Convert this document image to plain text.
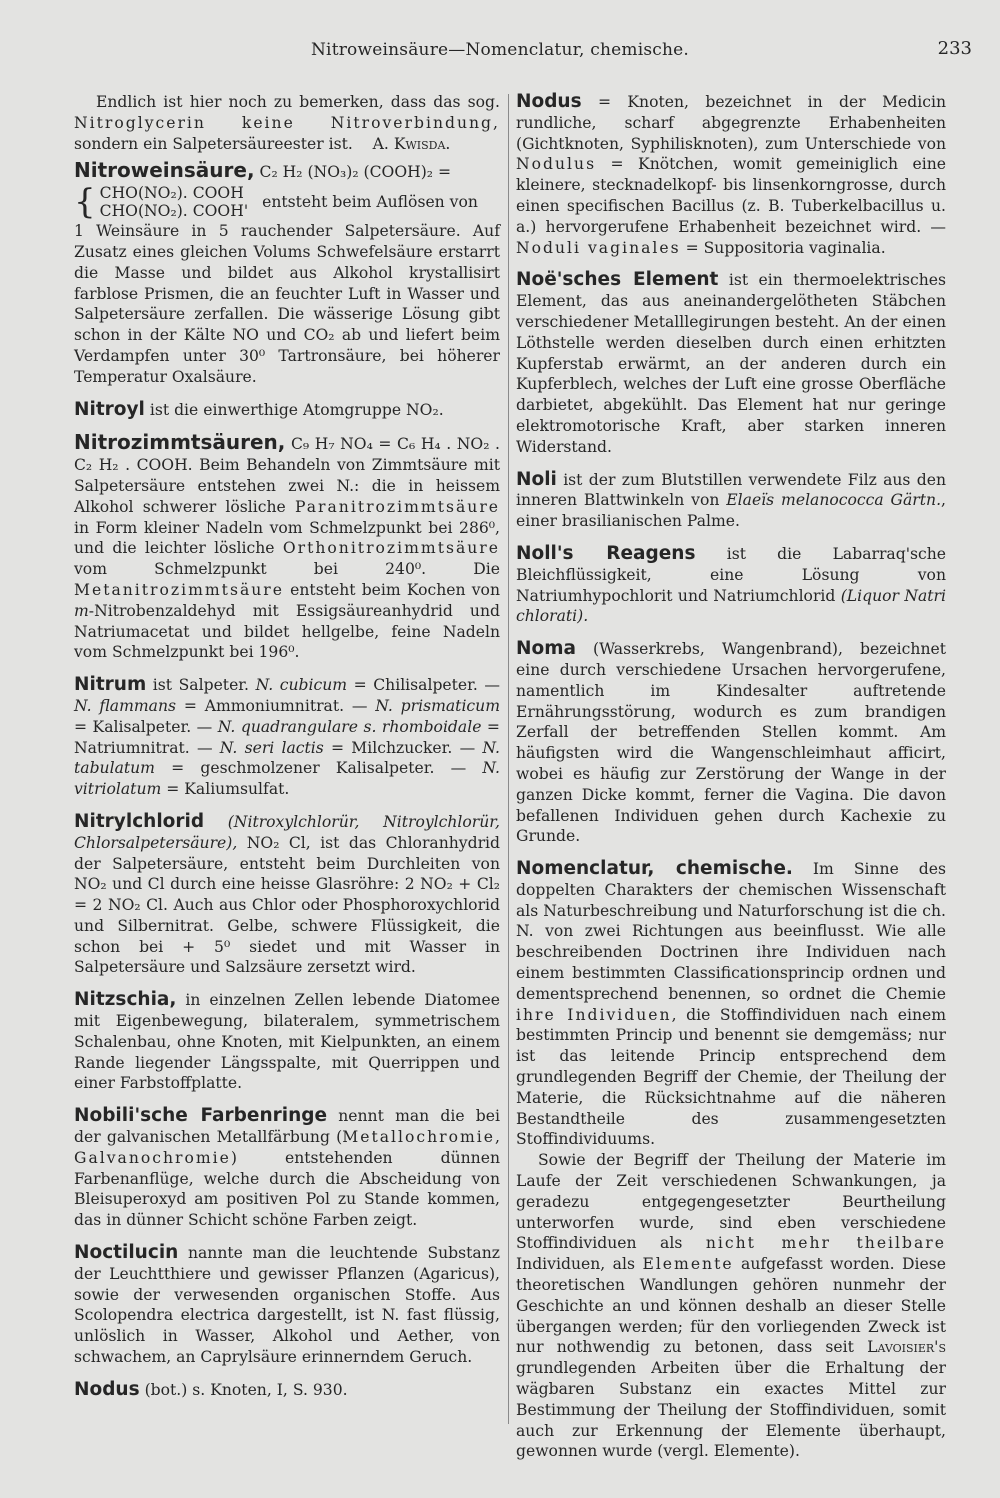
Nitroweinsäure—Nomenclatur, chemische.	233

Endlich ist hier noch zu bemerken, dass das sog. Nitroglycerin keine Nitroverbindung, sondern ein Salpetersäureester ist. A. Kwisda.

Nitroweinsäure, C₂ H₂ (NO₃)₂ (COOH)₂ =
{ CHO(NO₂). COOH
CHO(NO₂). COOH'
entsteht beim Auflösen von
1 Weinsäure in 5 rauchender Salpetersäure. Auf Zusatz eines gleichen Volums Schwefelsäure erstarrt die Masse und bildet aus Alkohol krystallisirt farblose Prismen, die an feuchter Luft in Wasser und Salpetersäure zerfallen. Die wässerige Lösung gibt schon in der Kälte NO und CO₂ ab und liefert beim Verdampfen unter 30⁰ Tartronsäure, bei höherer Temperatur Oxalsäure.

Nitroyl ist die einwerthige Atomgruppe NO₂.

Nitrozimmtsäuren, C₉ H₇ NO₄ = C₆ H₄ . NO₂ . C₂ H₂ . COOH. Beim Behandeln von Zimmtsäure mit Salpetersäure entstehen zwei N.: die in heissem Alkohol schwerer lösliche Paranitrozimmtsäure in Form kleiner Nadeln vom Schmelzpunkt bei 286⁰, und die leichter lösliche Orthonitrozimmtsäure vom Schmelzpunkt bei 240⁰. Die Metanitrozimmtsäure entsteht beim Kochen von m-Nitrobenzaldehyd mit Essigsäureanhydrid und Natriumacetat und bildet hellgelbe, feine Nadeln vom Schmelzpunkt bei 196⁰.

Nitrum ist Salpeter. N. cubicum = Chilisalpeter. — N. flammans = Ammoniumnitrat. — N. prismaticum = Kalisalpeter. — N. quadrangulare s. rhomboidale = Natriumnitrat. — N. seri lactis = Milchzucker. — N. tabulatum = geschmolzener Kalisalpeter. — N. vitriolatum = Kaliumsulfat.

Nitrylchlorid (Nitroxylchlorür, Nitroylchlorür, Chlorsalpetersäure), NO₂ Cl, ist das Chloranhydrid der Salpetersäure, entsteht beim Durchleiten von NO₂ und Cl durch eine heisse Glasröhre: 2 NO₂ + Cl₂ = 2 NO₂ Cl. Auch aus Chlor oder Phosphoroxychlorid und Silbernitrat. Gelbe, schwere Flüssigkeit, die schon bei + 5⁰ siedet und mit Wasser in Salpetersäure und Salzsäure zersetzt wird.

Nitzschia, in einzelnen Zellen lebende Diatomee mit Eigenbewegung, bilateralem, symmetrischem Schalenbau, ohne Knoten, mit Kielpunkten, an einem Rande liegender Längsspalte, mit Querrippen und einer Farbstoffplatte.

Nobili'sche Farbenringe nennt man die bei der galvanischen Metallfärbung (Metallochromie, Galvanochromie) entstehenden dünnen Farbenanflüge, welche durch die Abscheidung von Bleisuperoxyd am positiven Pol zu Stande kommen, das in dünner Schicht schöne Farben zeigt.

Noctilucin nannte man die leuchtende Substanz der Leuchtthiere und gewisser Pflanzen (Agaricus), sowie der verwesenden organischen Stoffe. Aus Scolopendra electrica dargestellt, ist N. fast flüssig, unlöslich in Wasser, Alkohol und Aether, von schwachem, an Caprylsäure erinnerndem Geruch.

Nodus (bot.) s. Knoten, I, S. 930.

Nodus = Knoten, bezeichnet in der Medicin rundliche, scharf abgegrenzte Erhabenheiten (Gichtknoten, Syphilisknoten), zum Unterschiede von Nodulus = Knötchen, womit gemeiniglich eine kleinere, stecknadelkopf- bis linsenkorngrosse, durch einen specifischen Bacillus (z. B. Tuberkelbacillus u. a.) hervorgerufene Erhabenheit bezeichnet wird. — Noduli vaginales = Suppositoria vaginalia.

Noë'sches Element ist ein thermoelektrisches Element, das aus aneinandergelötheten Stäbchen verschiedener Metalllegirungen besteht. An der einen Löthstelle werden dieselben durch einen erhitzten Kupferstab erwärmt, an der anderen durch ein Kupferblech, welches der Luft eine grosse Oberfläche darbietet, abgekühlt. Das Element hat nur geringe elektromotorische Kraft, aber starken inneren Widerstand.

Noli ist der zum Blutstillen verwendete Filz aus den inneren Blattwinkeln von Elaeïs melanococca Gärtn., einer brasilianischen Palme.

Noll's Reagens ist die Labarraq'sche Bleichflüssigkeit, eine Lösung von Natriumhypochlorit und Natriumchlorid (Liquor Natri chlorati).

Noma (Wasserkrebs, Wangenbrand), bezeichnet eine durch verschiedene Ursachen hervorgerufene, namentlich im Kindesalter auftretende Ernährungsstörung, wodurch es zum brandigen Zerfall der betreffenden Stellen kommt. Am häufigsten wird die Wangenschleimhaut afficirt, wobei es häufig zur Zerstörung der Wange in der ganzen Dicke kommt, ferner die Vagina. Die davon befallenen Individuen gehen durch Kachexie zu Grunde.

Nomenclatur, chemische. Im Sinne des doppelten Charakters der chemischen Wissenschaft als Naturbeschreibung und Naturforschung ist die ch. N. von zwei Richtungen aus beeinflusst. Wie alle beschreibenden Doctrinen ihre Individuen nach einem bestimmten Classificationsprincip ordnen und dementsprechend benennen, so ordnet die Chemie ihre Individuen, die Stoffindividuen nach einem bestimmten Princip und benennt sie demgemäss; nur ist das leitende Princip entsprechend dem grundlegenden Begriff der Chemie, der Theilung der Materie, die Rücksichtnahme auf die näheren Bestandtheile des zusammengesetzten Stoffindividuums.

Sowie der Begriff der Theilung der Materie im Laufe der Zeit verschiedenen Schwankungen, ja geradezu entgegengesetzter Beurtheilung unterworfen wurde, sind eben verschiedene Stoffindividuen als nicht mehr theilbare Individuen, als Elemente aufgefasst worden. Diese theoretischen Wandlungen gehören nunmehr der Geschichte an und können deshalb an dieser Stelle übergangen werden; für den vorliegenden Zweck ist nur nothwendig zu betonen, dass seit Lavoisier's grundlegenden Arbeiten über die Erhaltung der wägbaren Substanz ein exactes Mittel zur Bestimmung der Theilung der Stoffindividuen, somit auch zur Erkennung der Elemente überhaupt, gewonnen wurde (vergl. Elemente).
